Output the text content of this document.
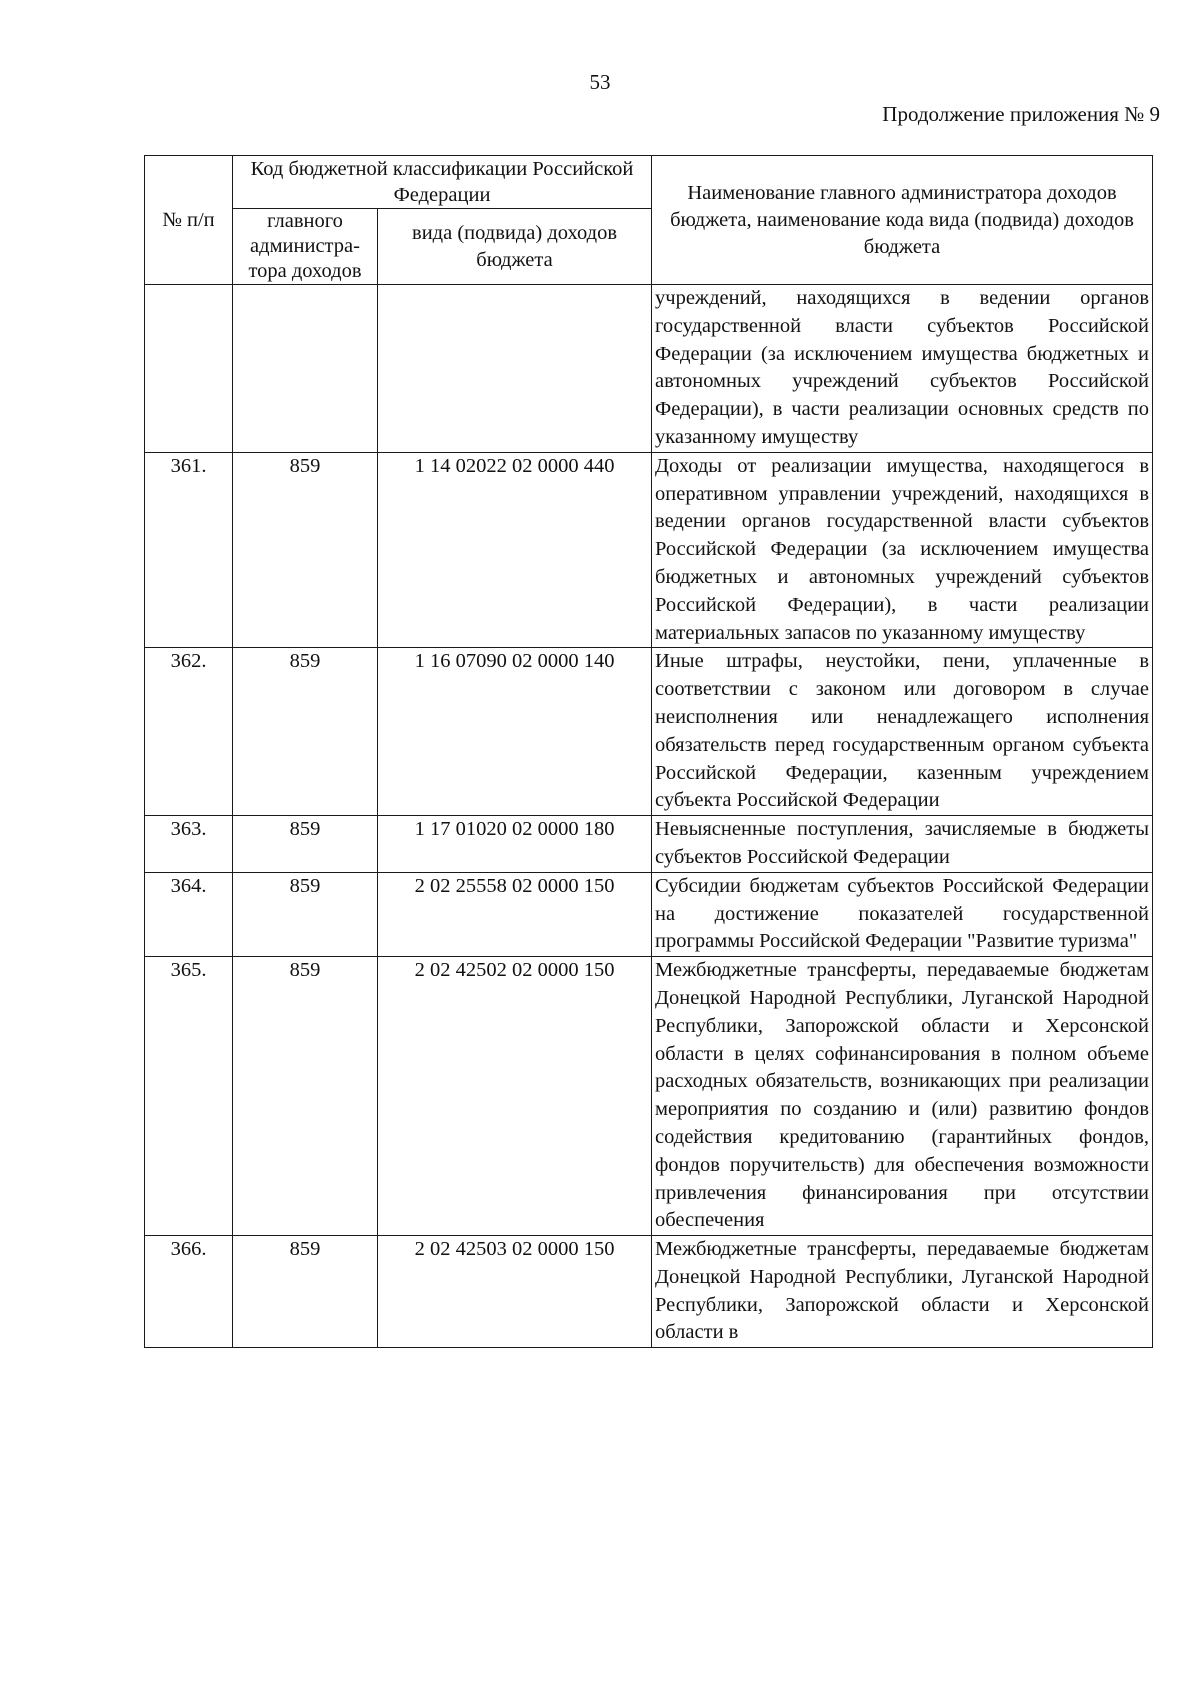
53
Продолжение приложения № 9
№ п/п	Код бюджетной классификации Российской Федерации		Наименование главного администратора доходов бюджета, наименование кода вида (подвида) доходов бюджета
	главного администра-тора доходов	вида (подвида) доходов бюджета	
			учреждений, находящихся в ведении органов государственной власти субъектов Российской Федерации (за исключением имущества бюджетных и автономных учреждений субъектов Российской Федерации), в части реализации основных средств по указанному имуществу
361.	859	1 14 02022 02 0000 440	Доходы от реализации имущества, находящегося в оперативном управлении учреждений, находящихся в ведении органов государственной власти субъектов Российской Федерации (за исключением имущества бюджетных и автономных учреждений субъектов Российской Федерации), в части реализации материальных запасов по указанному имуществу
362.	859	1 16 07090 02 0000 140	Иные штрафы, неустойки, пени, уплаченные в соответствии с законом или договором в случае неисполнения или ненадлежащего исполнения обязательств перед государственным органом субъекта Российской Федерации, казенным учреждением субъекта Российской Федерации
363.	859	1 17 01020 02 0000 180	Невыясненные поступления, зачисляемые в бюджеты субъектов Российской Федерации
364.	859	2 02 25558 02 0000 150	Субсидии бюджетам субъектов Российской Федерации на достижение показателей государственной программы Российской Федерации "Развитие туризма"
365.	859	2 02 42502 02 0000 150	Межбюджетные трансферты, передаваемые бюджетам Донецкой Народной Республики, Луганской Народной Республики, Запорожской области и Херсонской области в целях софинансирования в полном объеме расходных обязательств, возникающих при реализации мероприятия по созданию и (или) развитию фондов содействия кредитованию (гарантийных фондов, фондов поручительств) для обеспечения возможности привлечения финансирования при отсутствии обеспечения
366.	859	2 02 42503 02 0000 150	Межбюджетные трансферты, передаваемые бюджетам Донецкой Народной Республики, Луганской Народной Республики, Запорожской области и Херсонской области в
